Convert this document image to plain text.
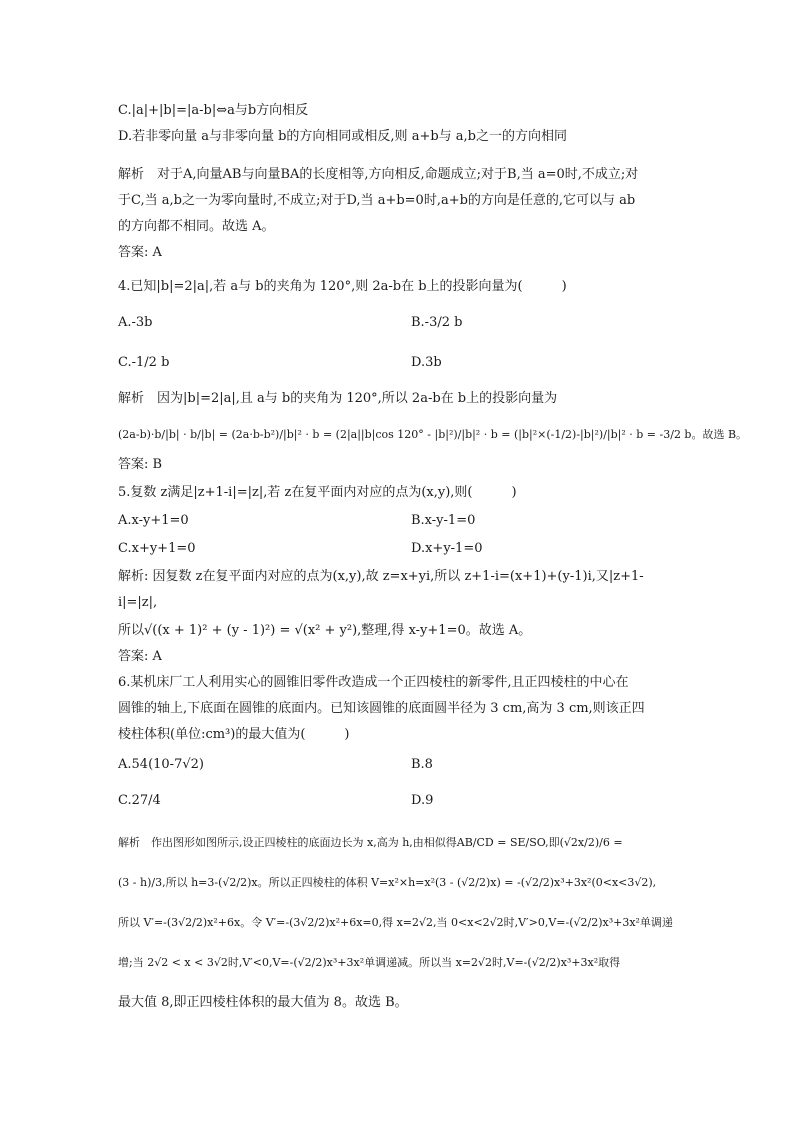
C.|a|+|b|=|a-b|⇔a与b方向相反
D.若非零向量 a与非零向量 b的方向相同或相反,则 a+b与 a,b之一的方向相同
解析　对于A,向量AB与向量BA的长度相等,方向相反,命题成立;对于B,当 a=0时,不成立;对
于C,当 a,b之一为零向量时,不成立;对于D,当 a+b=0时,a+b的方向是任意的,它可以与 ab
的方向都不相同。故选 A。
答案: A
4.已知|b|=2|a|,若 a与 b的夹角为 120°,则 2a-b在 b上的投影向量为(　　　)
A.-3b	B.-3/2 b
C.-1/2 b	D.3b
解析　因为|b|=2|a|,且 a与 b的夹角为 120°,所以 2a-b在 b上的投影向量为
(2a-b)·b/|b| · b/|b| = (2a·b-b²)/|b|² · b = (2|a||b|cos 120° - |b|²)/|b|² · b = (|b|²×(-1/2)-|b|²)/|b|² · b = -3/2 b。故选 B。
答案: B
5.复数 z满足|z+1-i|=|z|,若 z在复平面内对应的点为(x,y),则(　　　)
A.x-y+1=0	B.x-y-1=0
C.x+y+1=0	D.x+y-1=0
解析: 因复数 z在复平面内对应的点为(x,y),故 z=x+yi,所以 z+1-i=(x+1)+(y-1)i,又|z+1-
i|=|z|,
所以√((x + 1)² + (y - 1)²) = √(x² + y²),整理,得 x-y+1=0。故选 A。
答案: A
6.某机床厂工人利用实心的圆锥旧零件改造成一个正四棱柱的新零件,且正四棱柱的中心在
圆锥的轴上,下底面在圆锥的底面内。已知该圆锥的底面圆半径为 3 cm,高为 3 cm,则该正四
棱柱体积(单位:cm³)的最大值为(　　　)
A.54(10-7√2)	B.8
C.27/4	D.9
解析　作出图形如图所示,设正四棱柱的底面边长为 x,高为 h,由相似得AB/CD = SE/SO,即(√2x/2)/6 =
(3 - h)/3,所以 h=3-(√2/2)x。所以正四棱柱的体积 V=x²×h=x²(3 - (√2/2)x) = -(√2/2)x³+3x²(0<x<3√2),
所以 V′=-(3√2/2)x²+6x。令 V′=-(3√2/2)x²+6x=0,得 x=2√2,当 0<x<2√2时,V′>0,V=-(√2/2)x³+3x²单调递
增;当 2√2 < x < 3√2时,V′<0,V=-(√2/2)x³+3x²单调递减。所以当 x=2√2时,V=-(√2/2)x³+3x²取得
最大值 8,即正四棱柱体积的最大值为 8。故选 B。
